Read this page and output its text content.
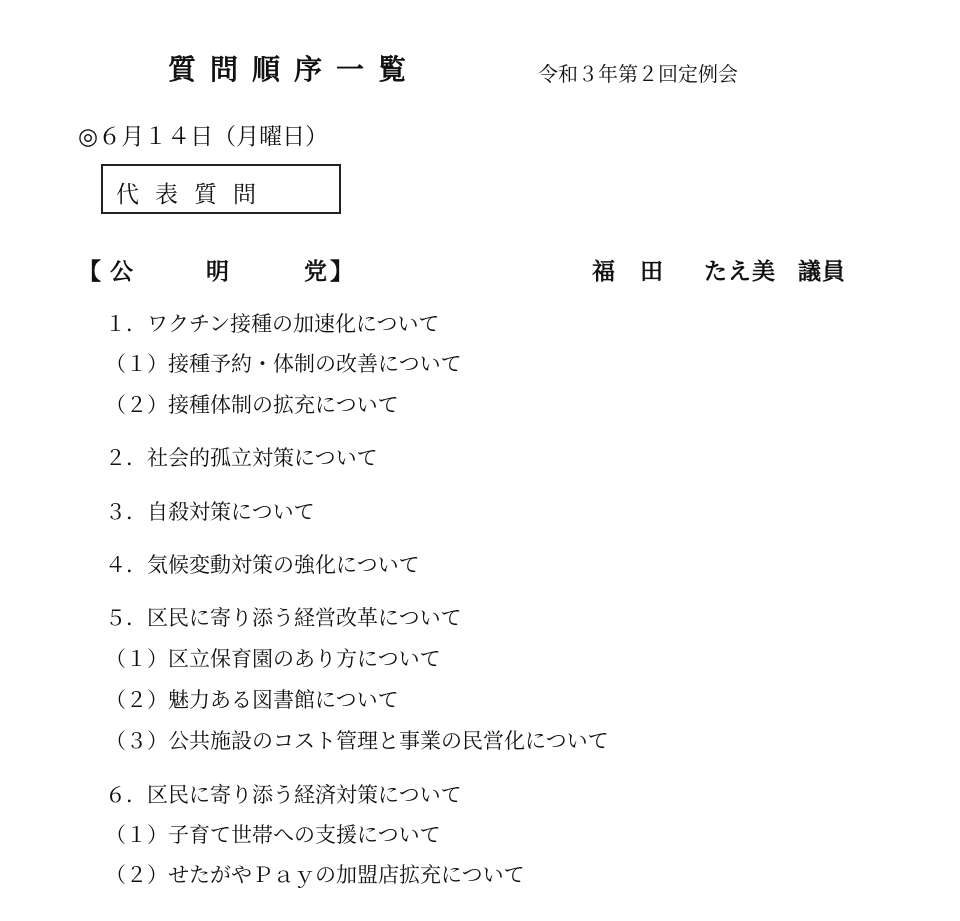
質問順序一覧	令和３年第２回定例会
◎６月１４日（月曜日）
代表質問
【 公	明	党 】	福　田 たえ美 議員
１．ワクチン接種の加速化について
（１）接種予約・体制の改善について
（２）接種体制の拡充について
２．社会的孤立対策について
３．自殺対策について
４．気候変動対策の強化について
５．区民に寄り添う経営改革について
（１）区立保育園のあり方について
（２）魅力ある図書館について
（３）公共施設のコスト管理と事業の民営化について
６．区民に寄り添う経済対策について
（１）子育て世帯への支援について
（２）せたがやＰａｙの加盟店拡充について
